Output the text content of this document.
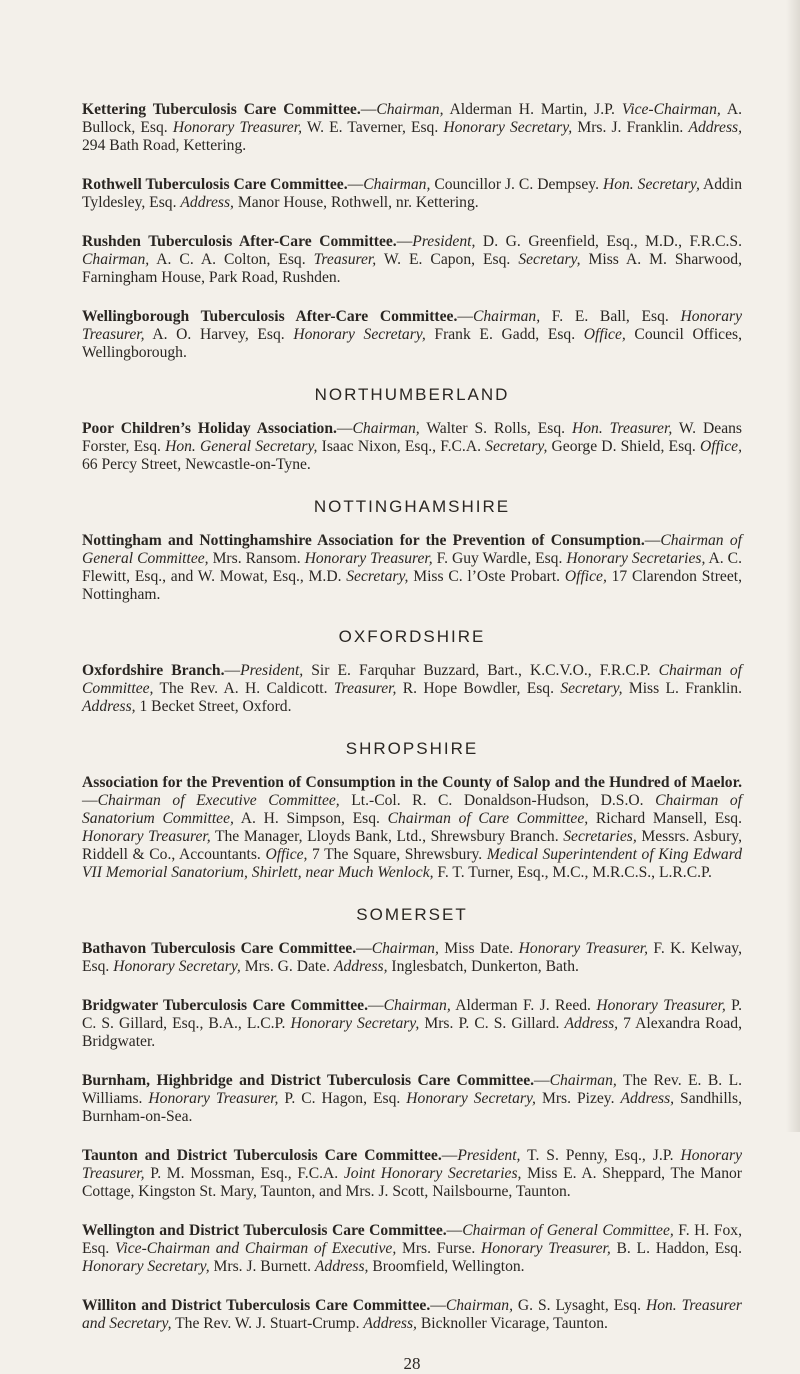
Kettering Tuberculosis Care Committee.—Chairman, Alderman H. Martin, J.P. Vice-Chairman, A. Bullock, Esq. Honorary Treasurer, W. E. Taverner, Esq. Honorary Secretary, Mrs. J. Franklin. Address, 294 Bath Road, Kettering.

Rothwell Tuberculosis Care Committee.—Chairman, Councillor J. C. Dempsey. Hon. Secretary, Addin Tyldesley, Esq. Address, Manor House, Rothwell, nr. Kettering.

Rushden Tuberculosis After-Care Committee.—President, D. G. Greenfield, Esq., M.D., F.R.C.S. Chairman, A. C. A. Colton, Esq. Treasurer, W. E. Capon, Esq. Secretary, Miss A. M. Sharwood, Farningham House, Park Road, Rushden.

Wellingborough Tuberculosis After-Care Committee.—Chairman, F. E. Ball, Esq. Honorary Treasurer, A. O. Harvey, Esq. Honorary Secretary, Frank E. Gadd, Esq. Office, Council Offices, Wellingborough.

NORTHUMBERLAND

Poor Children’s Holiday Association.—Chairman, Walter S. Rolls, Esq. Hon. Treasurer, W. Deans Forster, Esq. Hon. General Secretary, Isaac Nixon, Esq., F.C.A. Secretary, George D. Shield, Esq. Office, 66 Percy Street, Newcastle-on-Tyne.

NOTTINGHAMSHIRE

Nottingham and Nottinghamshire Association for the Prevention of Consumption.—Chairman of General Committee, Mrs. Ransom. Honorary Treasurer, F. Guy Wardle, Esq. Honorary Secretaries, A. C. Flewitt, Esq., and W. Mowat, Esq., M.D. Secretary, Miss C. l’Oste Probart. Office, 17 Clarendon Street, Nottingham.

OXFORDSHIRE

Oxfordshire Branch.—President, Sir E. Farquhar Buzzard, Bart., K.C.V.O., F.R.C.P. Chairman of Committee, The Rev. A. H. Caldicott. Treasurer, R. Hope Bowdler, Esq. Secretary, Miss L. Franklin. Address, 1 Becket Street, Oxford.

SHROPSHIRE

Association for the Prevention of Consumption in the County of Salop and the Hundred of Maelor.—Chairman of Executive Committee, Lt.-Col. R. C. Donaldson-Hudson, D.S.O. Chairman of Sanatorium Committee, A. H. Simpson, Esq. Chairman of Care Committee, Richard Mansell, Esq. Honorary Treasurer, The Manager, Lloyds Bank, Ltd., Shrewsbury Branch. Secretaries, Messrs. Asbury, Riddell & Co., Accountants. Office, 7 The Square, Shrewsbury. Medical Superintendent of King Edward VII Memorial Sanatorium, Shirlett, near Much Wenlock, F. T. Turner, Esq., M.C., M.R.C.S., L.R.C.P.

SOMERSET

Bathavon Tuberculosis Care Committee.—Chairman, Miss Date. Honorary Treasurer, F. K. Kelway, Esq. Honorary Secretary, Mrs. G. Date. Address, Inglesbatch, Dunkerton, Bath.

Bridgwater Tuberculosis Care Committee.—Chairman, Alderman F. J. Reed. Honorary Treasurer, P. C. S. Gillard, Esq., B.A., L.C.P. Honorary Secretary, Mrs. P. C. S. Gillard. Address, 7 Alexandra Road, Bridgwater.

Burnham, Highbridge and District Tuberculosis Care Committee.—Chairman, The Rev. E. B. L. Williams. Honorary Treasurer, P. C. Hagon, Esq. Honorary Secretary, Mrs. Pizey. Address, Sandhills, Burnham-on-Sea.

Taunton and District Tuberculosis Care Committee.—President, T. S. Penny, Esq., J.P. Honorary Treasurer, P. M. Mossman, Esq., F.C.A. Joint Honorary Secretaries, Miss E. A. Sheppard, The Manor Cottage, Kingston St. Mary, Taunton, and Mrs. J. Scott, Nailsbourne, Taunton.

Wellington and District Tuberculosis Care Committee.—Chairman of General Committee, F. H. Fox, Esq. Vice-Chairman and Chairman of Executive, Mrs. Furse. Honorary Treasurer, B. L. Haddon, Esq. Honorary Secretary, Mrs. J. Burnett. Address, Broomfield, Wellington.

Williton and District Tuberculosis Care Committee.—Chairman, G. S. Lysaght, Esq. Hon. Treasurer and Secretary, The Rev. W. J. Stuart-Crump. Address, Bicknoller Vicarage, Taunton.

28
